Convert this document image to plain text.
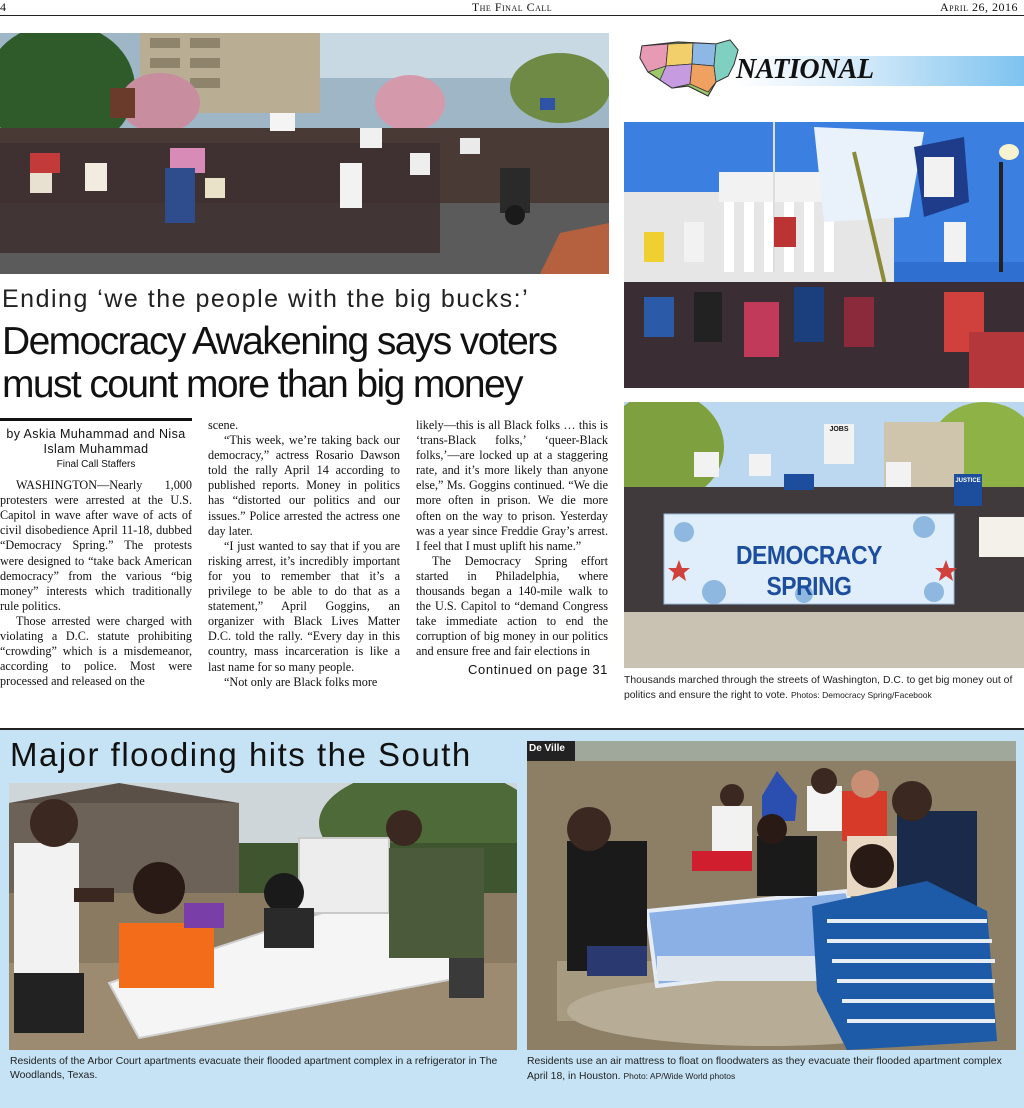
4	The Final Call	April 26, 2016
Ending ‘we the people with the big bucks:’
Democracy Awakening says voters must count more than big money
by Askia Muhammad and Nisa Islam Muhammad
Final Call Staffers

WASHINGTON—Nearly 1,000 protesters were arrested at the U.S. Capitol in wave after wave of acts of civil disobedience April 11-18, dubbed “Democracy Spring.” The protests were designed to “take back American democracy” from the various “big money” interests which traditionally rule politics.

Those arrested were charged with violating a D.C. statute prohibiting “crowding” which is a misdemeanor, according to police. Most were processed and released on the

scene.

“This week, we’re taking back our democracy,” actress Rosario Dawson told the rally April 14 according to published reports. Money in politics has “distorted our politics and our issues.” Police arrested the actress one day later.

“I just wanted to say that if you are risking arrest, it’s incredibly important for you to remember that it’s a privilege to be able to do that as a statement,” April Goggins, an organizer with Black Lives Matter D.C. told the rally. “Every day in this country, mass incarceration is like a last name for so many people.

“Not only are Black folks more

likely—this is all Black folks … this is ‘trans-Black folks,’ ‘queer-Black folks,’—are locked up at a staggering rate, and it’s more likely than anyone else,” Ms. Goggins continued. “We die more often in prison. We die more often on the way to prison. Yesterday was a year since Freddie Gray’s arrest. I feel that I must uplift his name.”

The Democracy Spring effort started in Philadelphia, where thousands began a 140-mile walk to the U.S. Capitol to “demand Congress take immediate action to end the corruption of big money in our politics and ensure free and fair elections in

Continued on page 31
NATIONAL
DEMOCRACY SPRING
JOBS
JUSTICE
Thousands marched through the streets of Washington, D.C. to get big money out of politics and ensure the right to vote. Photos: Democracy Spring/Facebook
Major flooding hits the South	De Ville
Residents of the Arbor Court apartments evacuate their flooded apartment complex in a refrigerator in The Woodlands, Texas.
Residents use an air mattress to float on floodwaters as they evacuate their flooded apartment complex April 18, in Houston. Photo: AP/Wide World photos
